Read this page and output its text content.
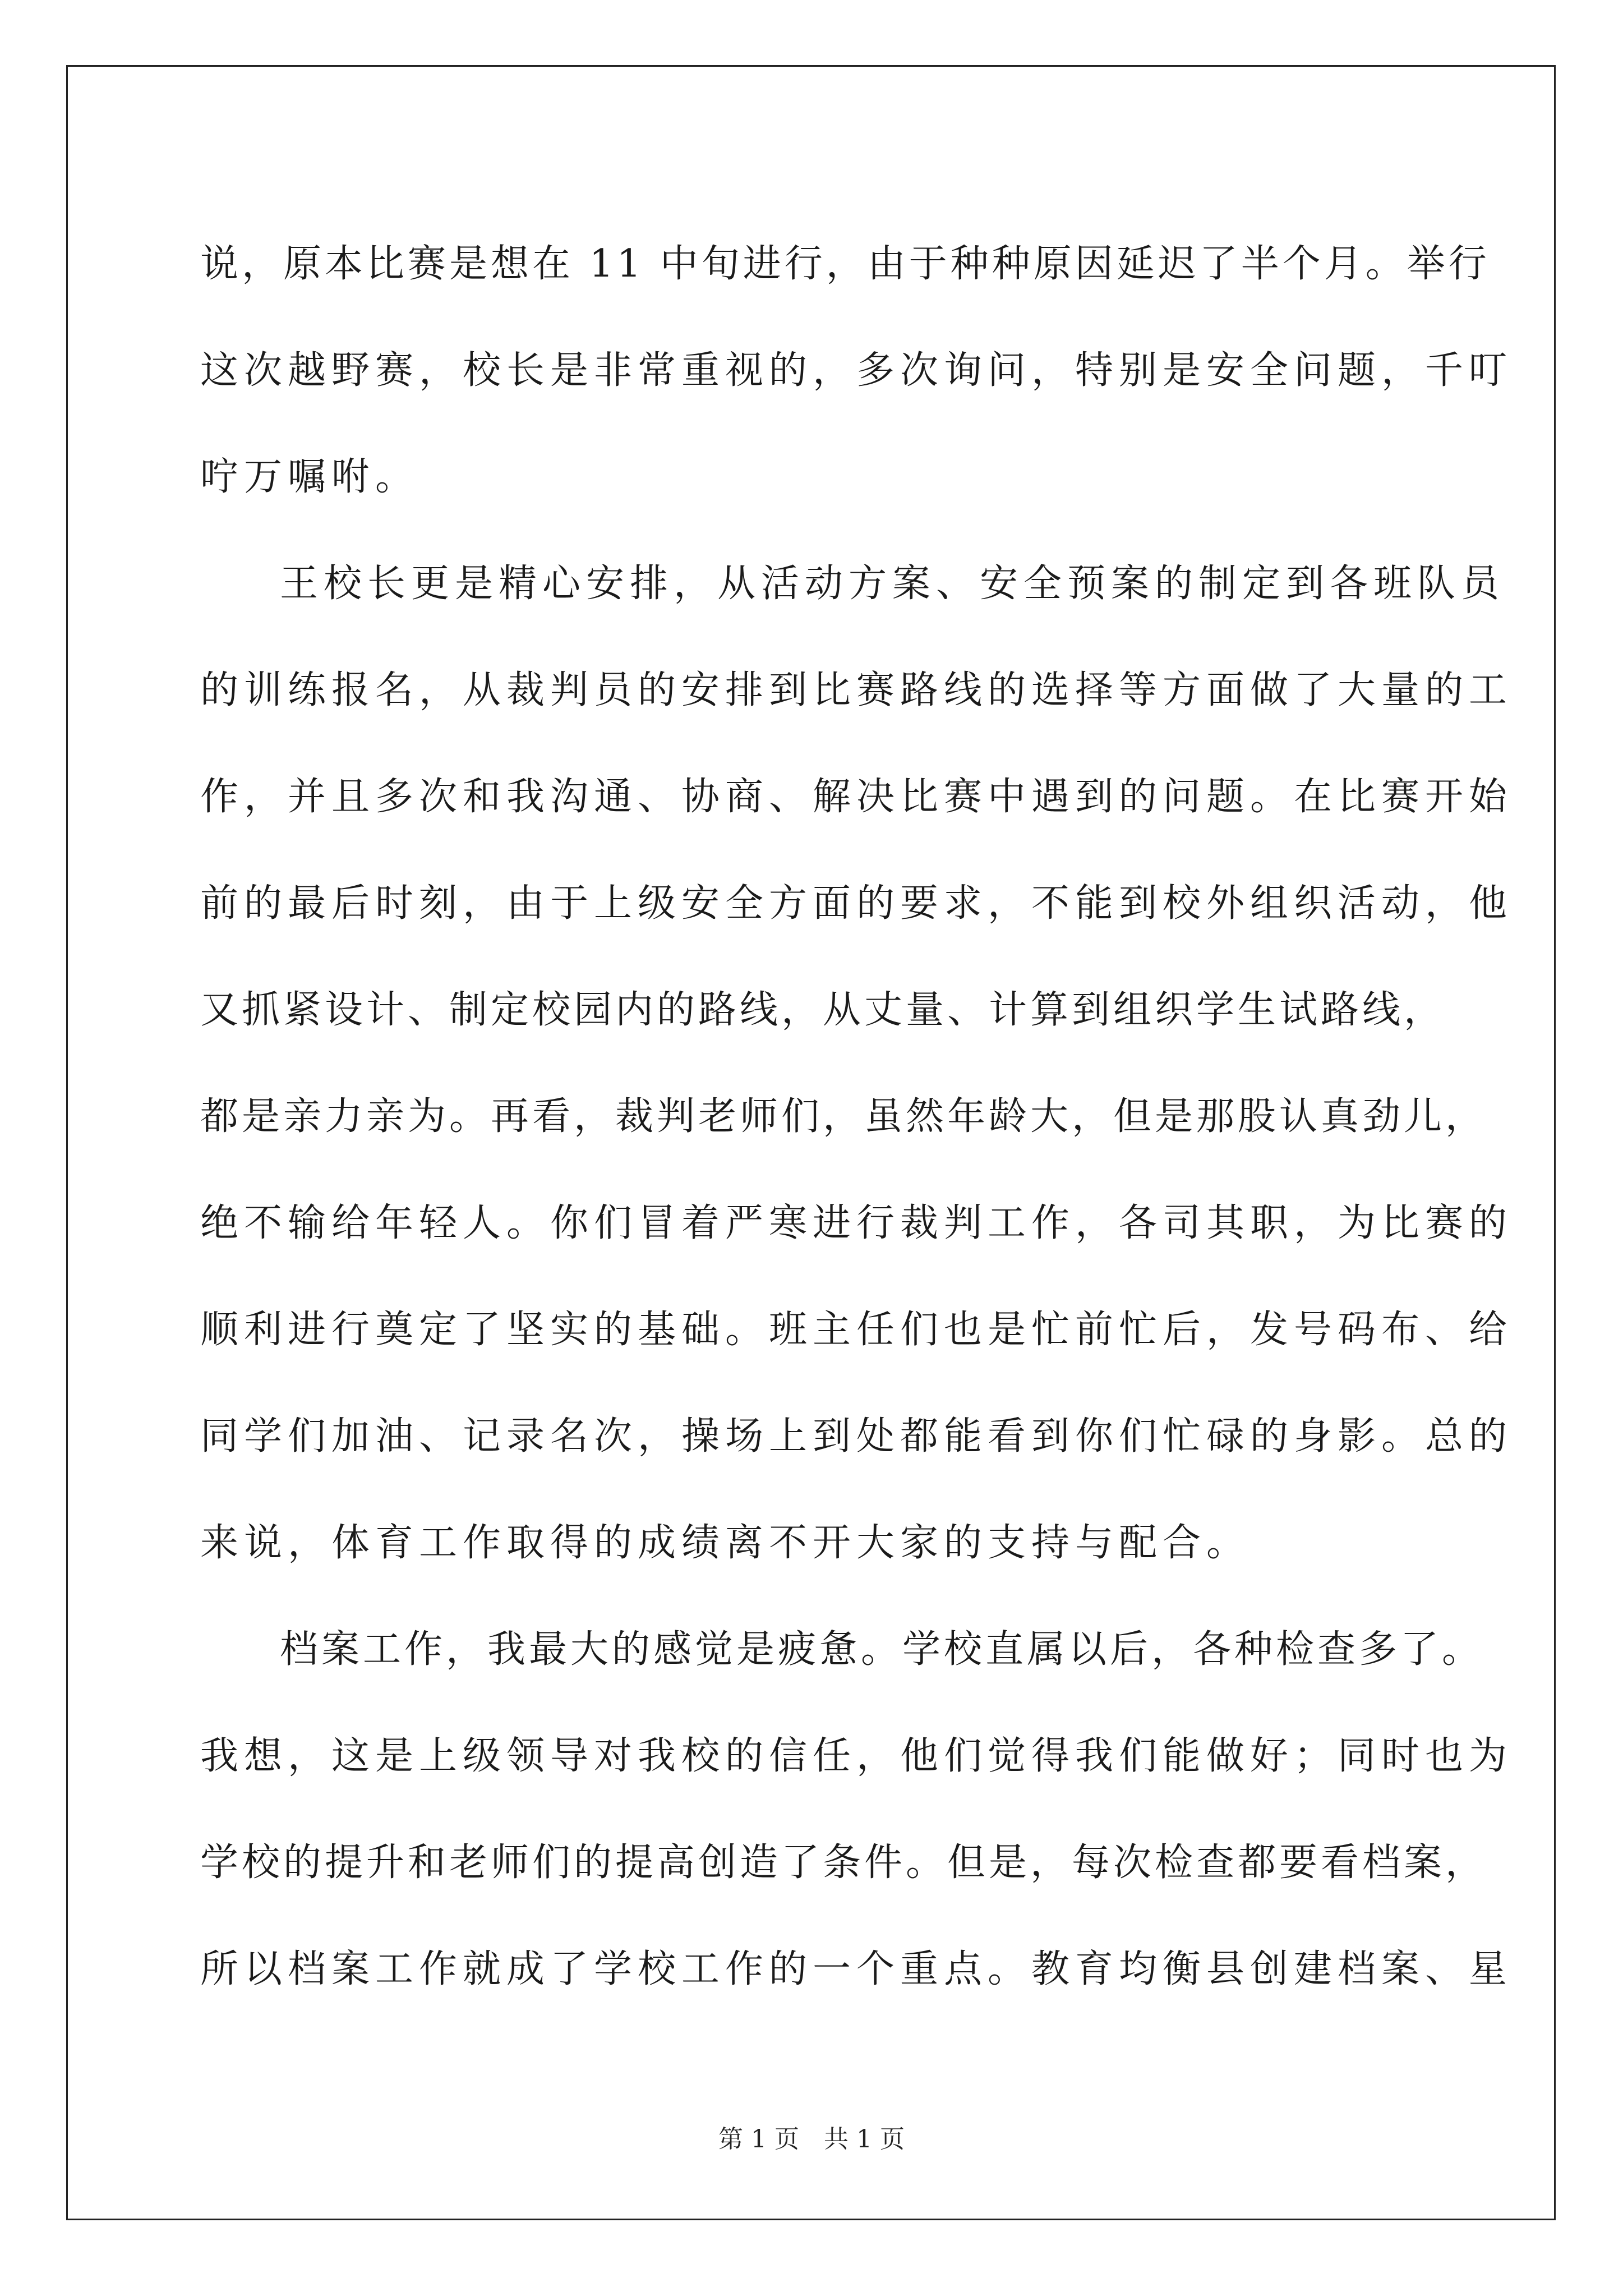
说，原本比赛是想在 11 中旬进行，由于种种原因延迟了半个月。举行
这次越野赛，校长是非常重视的，多次询问，特别是安全问题，千叮
咛万嘱咐。
王校长更是精心安排，从活动方案、安全预案的制定到各班队员
的训练报名，从裁判员的安排到比赛路线的选择等方面做了大量的工
作，并且多次和我沟通、协商、解决比赛中遇到的问题。在比赛开始
前的最后时刻，由于上级安全方面的要求，不能到校外组织活动，他
又抓紧设计、制定校园内的路线，从丈量、计算到组织学生试路线，
都是亲力亲为。再看，裁判老师们，虽然年龄大，但是那股认真劲儿，
绝不输给年轻人。你们冒着严寒进行裁判工作，各司其职，为比赛的
顺利进行奠定了坚实的基础。班主任们也是忙前忙后，发号码布、给
同学们加油、记录名次，操场上到处都能看到你们忙碌的身影。总的
来说，体育工作取得的成绩离不开大家的支持与配合。
档案工作，我最大的感觉是疲惫。学校直属以后，各种检查多了。
我想，这是上级领导对我校的信任，他们觉得我们能做好；同时也为
学校的提升和老师们的提高创造了条件。但是，每次检查都要看档案，
所以档案工作就成了学校工作的一个重点。教育均衡县创建档案、星
第 1 页　共 1 页
